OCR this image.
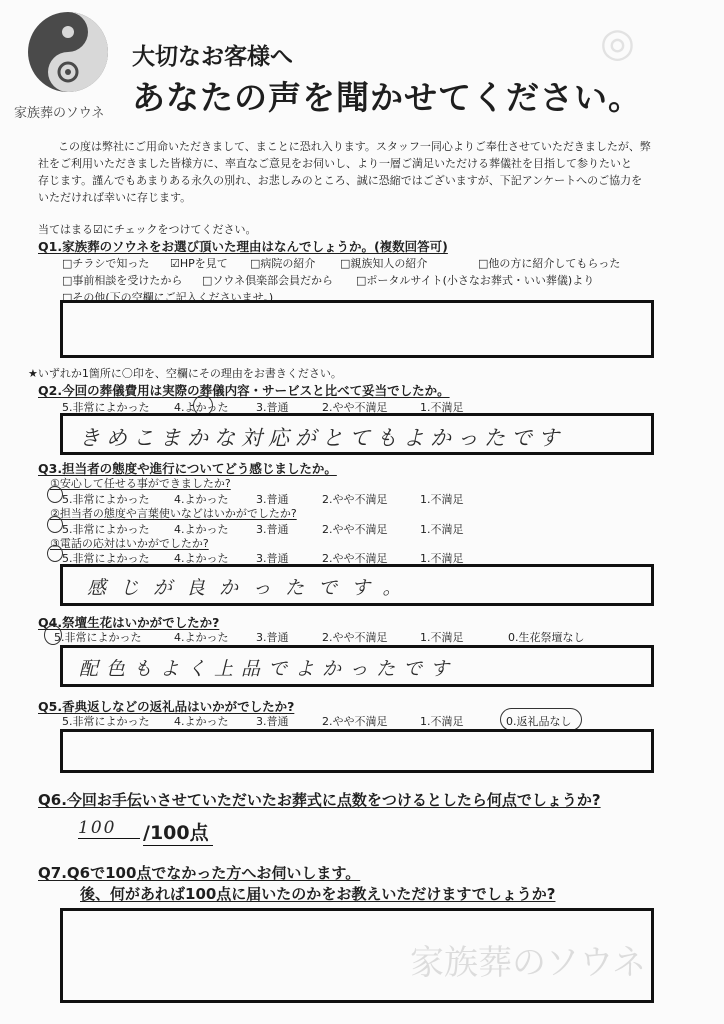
◎
家族葬のソウネ
家族葬のソウネ
大切なお客様へ
あなたの声を聞かせてください。
この度は弊社にご用命いただきまして、まことに恐れ入ります。スタッフ一同心よりご奉仕させていただきましたが、弊
社をご利用いただきました皆様方に、率直なご意見をお伺いし、より一層ご満足いただける葬儀社を目指して参りたいと
存じます。謹んでもあまりある永久の別れ、お悲しみのところ、誠に恐縮ではございますが、下記アンケートへのご協力を
いただければ幸いに存じます。
当てはまる☑にチェックをつけてください。
Q1.家族葬のソウネをお選び頂いた理由はなんでしょうか。(複数回答可)
□チラシで知った ☑HPを見て □病院の紹介 □親族知人の紹介	□他の方に紹介してもらった
□事前相談を受けたから □ソウネ倶楽部会員だから □ポータルサイト(小さなお葬式・いい葬儀)より
□その他(下の空欄にご記入くださいませ。)
★いずれか1箇所に〇印を、空欄にその理由をお書きください。
Q2.今回の葬儀費用は実際の葬儀内容・サービスと比べて妥当でしたか。
5.非常によかった 4.よかった	3.普通	2.やや不満足	1.不満足
きめこまかな対応がとてもよかったです
Q3.担当者の態度や進行についてどう感じましたか。
①安心して任せる事ができましたか?
5.非常によかった 4.よかった	3.普通	2.やや不満足	1.不満足
②担当者の態度や言葉使いなどはいかがでしたか?
5.非常によかった 4.よかった	3.普通	2.やや不満足	1.不満足
③電話の応対はいかがでしたか?
5.非常によかった 4.よかった	3.普通	2.やや不満足	1.不満足
感じが良かったです。
Q4.祭壇生花はいかがでしたか?
5.非常によかった	4.よかった	3.普通	2.やや不満足	1.不満足	0.生花祭壇なし
配色もよく上品でよかったです
Q5.香典返しなどの返礼品はいかがでしたか?
5.非常によかった 4.よかった	3.普通	2.やや不満足	1.不満足	0.返礼品なし
Q6.今回お手伝いさせていただいたお葬式に点数をつけるとしたら何点でしょうか?
100	/100点
Q7.Q6で100点でなかった方へお伺いします。
後、何があれば100点に届いたのかをお教えいただけますでしょうか?
